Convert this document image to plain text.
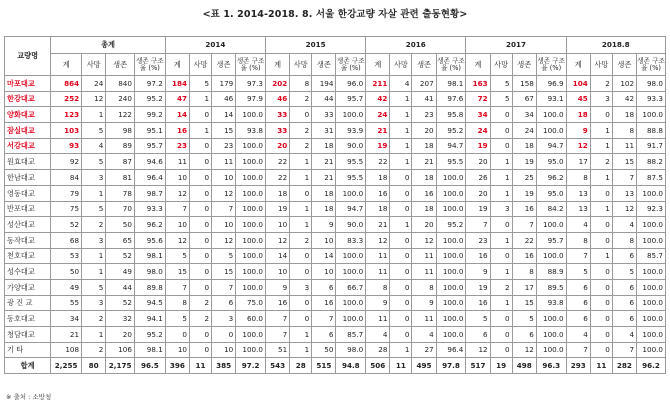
<표 1. 2014-2018. 8. 서울 한강교량 자살 관련 출동현황>
교량명	총계				2014				2015				2016				2017				2018.8			
	계	사망	생존	생존 구조율 (%)	계	사망	생존	생존 구조율 (%)	계	사망	생존	생존 구조율 (%)	계	사망	생존	생존 구조율 (%)	계	사망	생존	생존 구조율 (%)	계	사망	생존	생존 구조율 (%)
마포대교	864	24	840	97.2	184	5	179	97.3	202	8	194	96.0	211	4	207	98.1	163	5	158	96.9	104	2	102	98.0
한강대교	252	12	240	95.2	47	1	46	97.9	46	2	44	95.7	42	1	41	97.6	72	5	67	93.1	45	3	42	93.3
양화대교	123	1	122	99.2	14	0	14	100.0	33	0	33	100.0	24	1	23	95.8	34	0	34	100.0	18	0	18	100.0
잠실대교	103	5	98	95.1	16	1	15	93.8	33	2	31	93.9	21	1	20	95.2	24	0	24	100.0	9	1	8	88.8
서강대교	93	4	89	95.7	23	0	23	100.0	20	2	18	90.0	19	1	18	94.7	19	0	18	94.7	12	1	11	91.7
원효대교	92	5	87	94.6	11	0	11	100.0	22	1	21	95.5	22	1	21	95.5	20	1	19	95.0	17	2	15	88.2
한남대교	84	3	81	96.4	10	0	10	100.0	22	1	21	95.5	18	0	18	100.0	26	1	25	96.2	8	1	7	87.5
영동대교	79	1	78	98.7	12	0	12	100.0	18	0	18	100.0	16	0	16	100.0	20	1	19	95.0	13	0	13	100.0
반포대교	75	5	70	93.3	7	0	7	100.0	19	1	18	94.7	18	0	18	100.0	19	3	16	84.2	13	1	12	92.3
성산대교	52	2	50	96.2	10	0	10	100.0	10	1	9	90.0	21	1	20	95.2	7	0	7	100.0	4	0	4	100.0
동작대교	68	3	65	95.6	12	0	12	100.0	12	2	10	83.3	12	0	12	100.0	23	1	22	95.7	8	0	8	100.0
천호대교	53	1	52	98.1	5	0	5	100.0	14	0	14	100.0	11	0	11	100.0	16	0	16	100.0	7	1	6	85.7
성수대교	50	1	49	98.0	15	0	15	100.0	10	0	10	100.0	11	0	11	100.0	9	1	8	88.9	5	0	5	100.0
가양대교	49	5	44	89.8	7	0	7	100.0	9	3	6	66.7	8	0	8	100.0	19	2	17	89.5	6	0	6	100.0
광 진 교	55	3	52	94.5	8	2	6	75.0	16	0	16	100.0	9	0	9	100.0	16	1	15	93.8	6	0	6	100.0
동호대교	34	2	32	94.1	5	2	3	60.0	7	0	7	100.0	11	0	11	100.0	5	0	5	100.0	6	0	6	100.0
청담대교	21	1	20	95.2	0	0	0	100.0	7	1	6	85.7	4	0	4	100.0	6	0	6	100.0	4	0	4	100.0
기 타	108	2	106	98.1	10	0	10	100.0	51	1	50	98.0	28	1	27	96.4	12	0	12	100.0	7	0	7	100.0
합계	2,255	80	2,175	96.5	396	11	385	97.2	543	28	515	94.8	506	11	495	97.8	517	19	498	96.3	293	11	282	96.2
※ 출처 : 소방청
